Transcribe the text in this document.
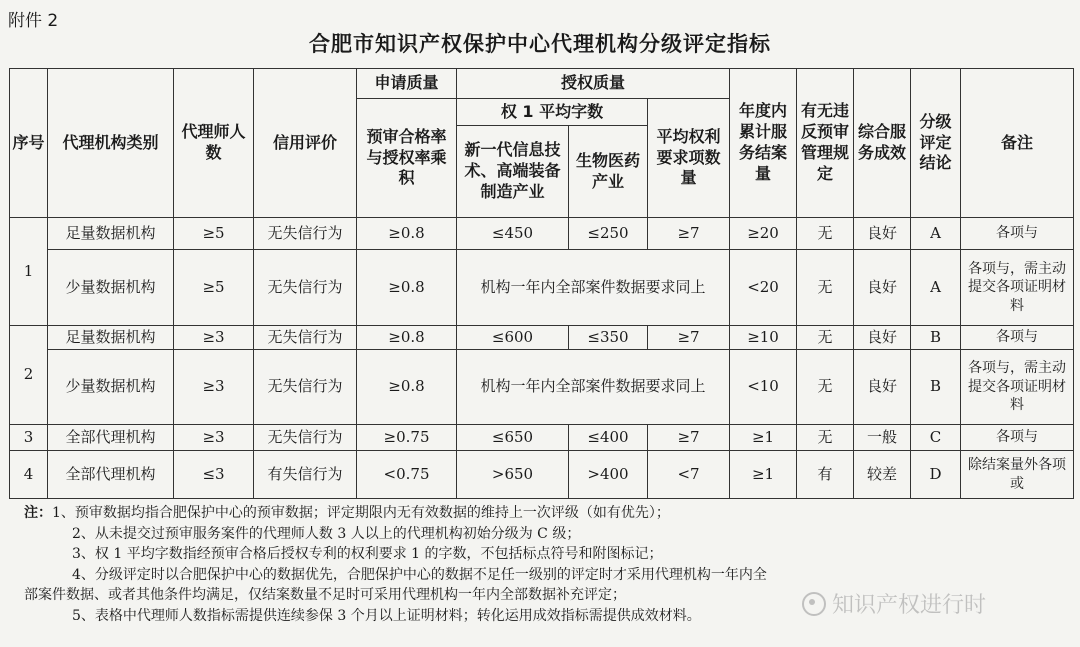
附件 2
合肥市知识产权保护中心代理机构分级评定指标
序号	代理机构类别	代理师人数	信用评价	申请质量	授权质量			年度内累计服务结案量	有无违反预审管理规定	综合服务成效	分级评定结论	备注
				预审合格率与授权率乘积	权 1 平均字数		平均权利要求项数量					
					新一代信息技术、高端装备制造产业	生物医药产业						
1	足量数据机构	≥5	无失信行为	≥0.8	≤450	≤250	≥7	≥20	无	良好	A	各项与
	少量数据机构	≥5	无失信行为	≥0.8	机构一年内全部案件数据要求同上			<20	无	良好	A	各项与，需主动提交各项证明材料
2	足量数据机构	≥3	无失信行为	≥0.8	≤600	≤350	≥7	≥10	无	良好	B	各项与
	少量数据机构	≥3	无失信行为	≥0.8	机构一年内全部案件数据要求同上			<10	无	良好	B	各项与，需主动提交各项证明材料
3	全部代理机构	≥3	无失信行为	≥0.75	≤650	≤400	≥7	≥1	无	一般	C	各项与
4	全部代理机构	≤3	有失信行为	<0.75	>650	>400	<7	≥1	有	较差	D	除结案量外各项或

注：1、预审数据均指合肥保护中心的预审数据；评定期限内无有效数据的维持上一次评级（如有优先）；

2、从未提交过预审服务案件的代理师人数 3 人以上的代理机构初始分级为 C 级；

3、权 1 平均字数指经预审合格后授权专利的权利要求 1 的字数，不包括标点符号和附图标记；

4、分级评定时以合肥保护中心的数据优先，合肥保护中心的数据不足任一级别的评定时才采用代理机构一年内全

部案件数据、或者其他条件均满足，仅结案数量不足时可采用代理机构一年内全部数据补充评定；

5、表格中代理师人数指标需提供连续参保 3 个月以上证明材料；转化运用成效指标需提供成效材料。	知识产权进行时
